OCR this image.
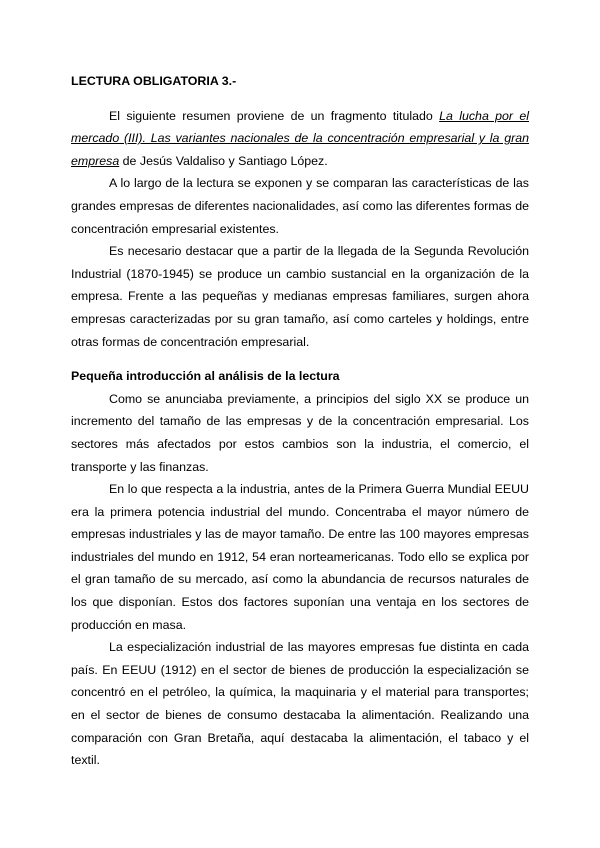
LECTURA OBLIGATORIA 3.-

El siguiente resumen proviene de un fragmento titulado La lucha por el mercado (III). Las variantes nacionales de la concentración empresarial y la gran empresa de Jesús Valdaliso y Santiago López.

A lo largo de la lectura se exponen y se comparan las características de las grandes empresas de diferentes nacionalidades, así como las diferentes formas de concentración empresarial existentes.

Es necesario destacar que a partir de la llegada de la Segunda Revolución Industrial (1870-1945) se produce un cambio sustancial en la organización de la empresa. Frente a las pequeñas y medianas empresas familiares, surgen ahora empresas caracterizadas por su gran tamaño, así como carteles y holdings, entre otras formas de concentración empresarial.

Pequeña introducción al análisis de la lectura

Como se anunciaba previamente, a principios del siglo XX se produce un incremento del tamaño de las empresas y de la concentración empresarial. Los sectores más afectados por estos cambios son la industria, el comercio, el transporte y las finanzas.

En lo que respecta a la industria, antes de la Primera Guerra Mundial EEUU era la primera potencia industrial del mundo. Concentraba el mayor número de empresas industriales y las de mayor tamaño. De entre las 100 mayores empresas industriales del mundo en 1912, 54 eran norteamericanas. Todo ello se explica por el gran tamaño de su mercado, así como la abundancia de recursos naturales de los que disponían. Estos dos factores suponían una ventaja en los sectores de producción en masa.

La especialización industrial de las mayores empresas fue distinta en cada país. En EEUU (1912) en el sector de bienes de producción la especialización se concentró en el petróleo, la química, la maquinaria y el material para transportes; en el sector de bienes de consumo destacaba la alimentación. Realizando una comparación con Gran Bretaña, aquí destacaba la alimentación, el tabaco y el textil.
